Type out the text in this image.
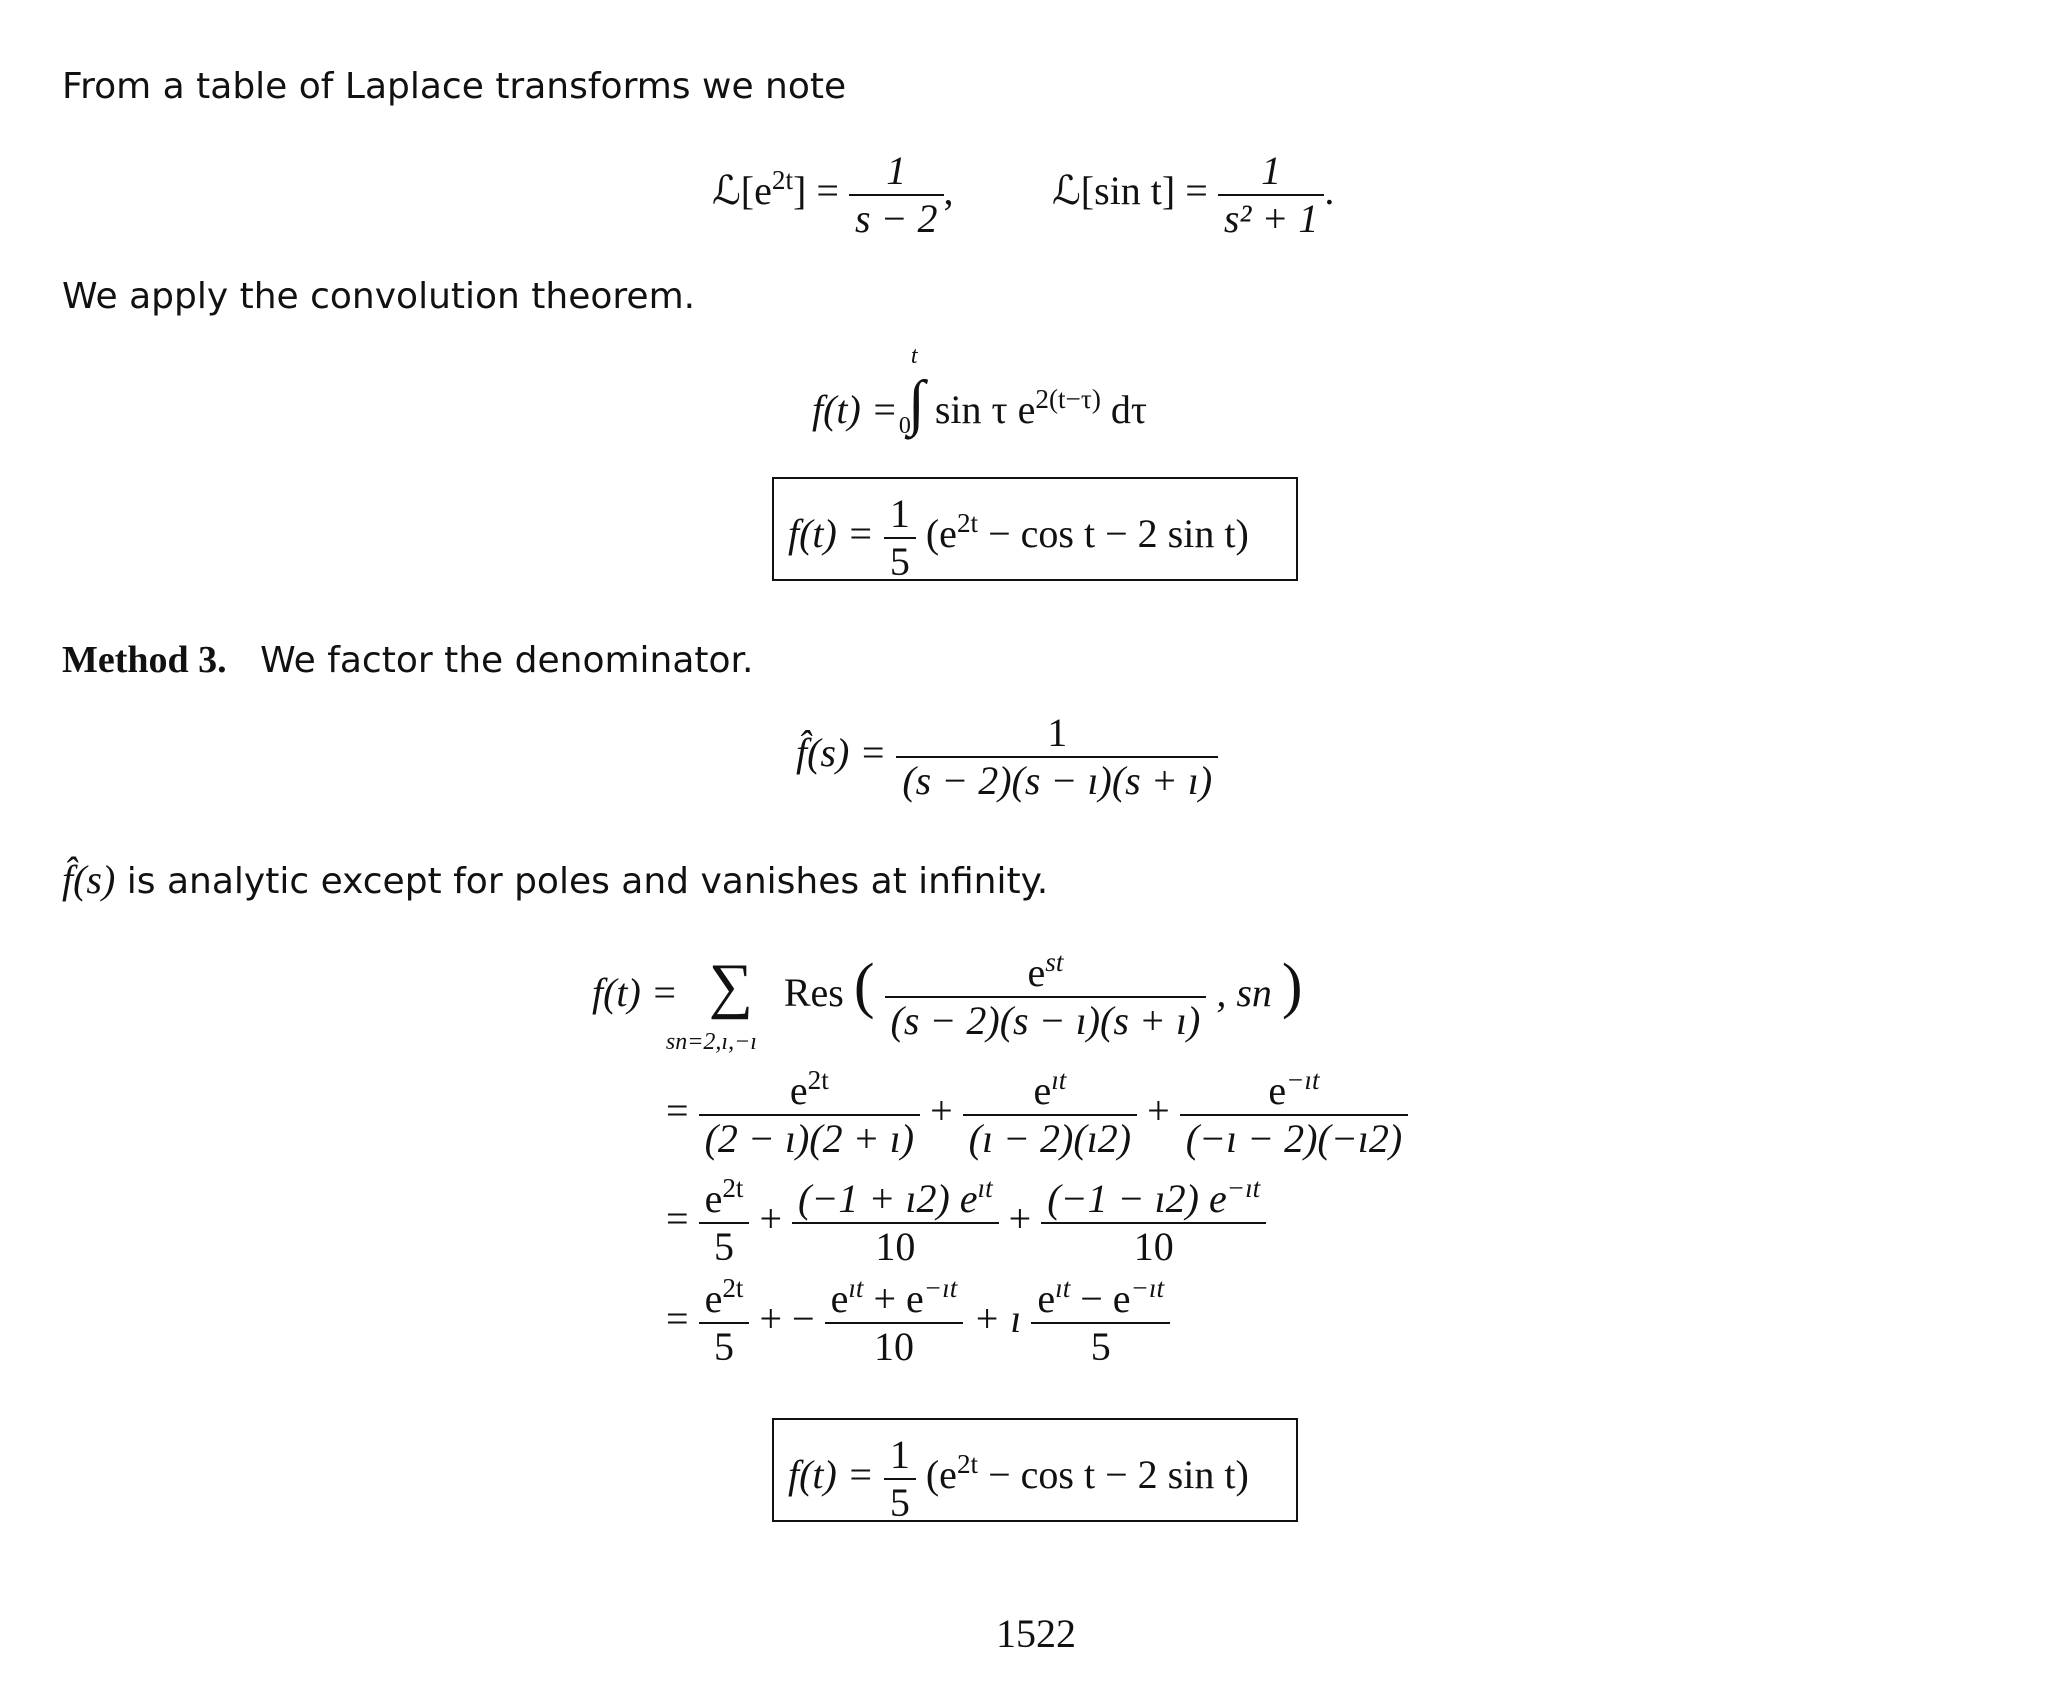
From a table of Laplace transforms we note
$ℒ[e^{2t}] = \frac{1}{s - 2}$ , ℒ[sin $t] = \frac{1}{\text{s² + 1}}$ .
We apply the convolution theorem.
f(t) = ∫
t
0 sin τ $e^{2(t-\tau)}$ dτ
$f(t) = \frac{1}{5} (e^{2t} - \cos t - 2$ sin t)
Method 3. We factor the denominator.
f̂(s) = $\frac{1}{(s - 2)(s - ı)(s + ı)}$
f̂(s) is analytic except for poles and vanishes at infinity.
f(t) = ∑
sn=2,ı,−ı
Res ( $\frac{e^{st}}{(s - 2)(s - ı)(s + ı)}$ , sn )
= $\frac{e^{2t}}{(2 - ı)(2 + ı)} + \frac{e^{ıt}}{(ı - 2)(ı2)} + \frac{e^{-ıt}}{(-ı - 2)(-ı2)}$
= $\frac{e^{2t}}{5} + \frac{(-1 + ı2) e^{ıt}}{10} + \frac{(-1 - ı2) e^{-ıt}}{10}$
= $\frac{e^{2t}}{5}$ + − $\frac{e^{ıt} + e^{-ıt}}{10}$ + ı $\frac{e^{ıt} - e^{-ıt}}{5}$
$f(t) = \frac{1}{5} (e^{2t} - \cos t - 2$ sin t)
1522
